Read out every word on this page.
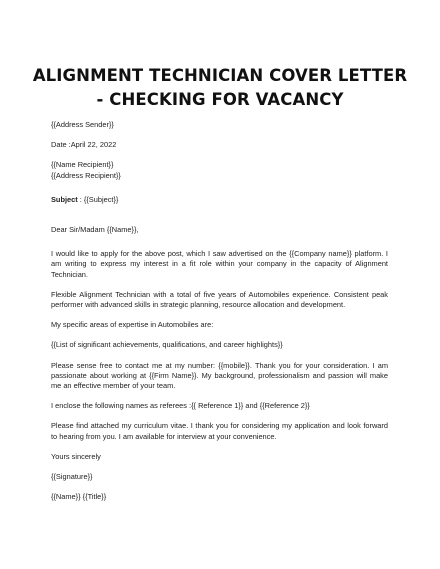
ALIGNMENT TECHNICIAN COVER LETTER - CHECKING FOR VACANCY
{{Address Sender}}
Date :April 22, 2022
{{Name Recipient}}
{{Address Recipient}}
Subject : {{Subject}}
Dear Sir/Madam {{Name}},
I would like to apply for the above post, which I saw advertised on the {{Company name}} platform. I am writing to express my interest in a fit role within your company in the capacity of Alignment Technician.
Flexible Alignment Technician with a total of five years of Automobiles experience. Consistent peak performer with advanced skills in strategic planning, resource allocation and development.
My specific areas of expertise in Automobiles are:
{{List of significant achievements, qualifications, and career highlights}}
Please sense free to contact me at my number: {{mobile}}. Thank you for your consideration. I am passionate about working at {{Firm Name}}. My background, professionalism and passion will make me an effective member of your team.
I enclose the following names as referees :{{ Reference 1}} and {{Reference 2}}
Please find attached my curriculum vitae. I thank you for considering my application and look forward to hearing from you. I am available for interview at your convenience.
Yours sincerely
{{Signature}}
{{Name}} {{Title}}
